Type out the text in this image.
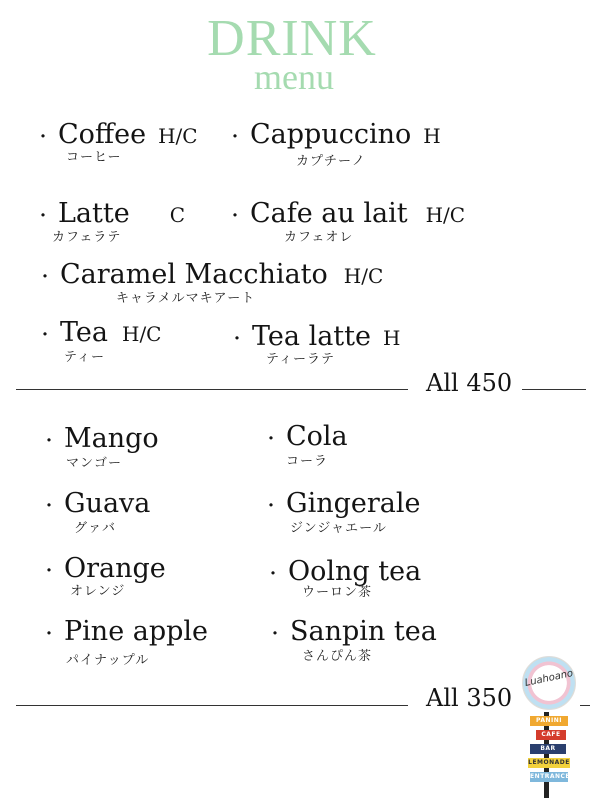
DRINK
menu
・ Coffee H/C
コーヒー
・ Cappuccino H
カプチーノ
・ Latte C
カフェラテ
・ Cafe au lait H/C
カフェオレ
・ Caramel Macchiato H/C
キャラメルマキアート
・ Tea H/C
ティー
・ Tea latte H
ティーラテ
All 450
・ Mango
マンゴー
・ Cola
コーラ
・ Guava
グァバ
・ Gingerale
ジンジャエール
・ Orange
オレンジ
・ Oolng tea
ウーロン茶
・ Pine apple
パイナップル
・ Sanpin tea
さんぴん茶
All 350
Luahoano
PANINI
CAFE
BAR
LEMONADE
ENTRANCE
